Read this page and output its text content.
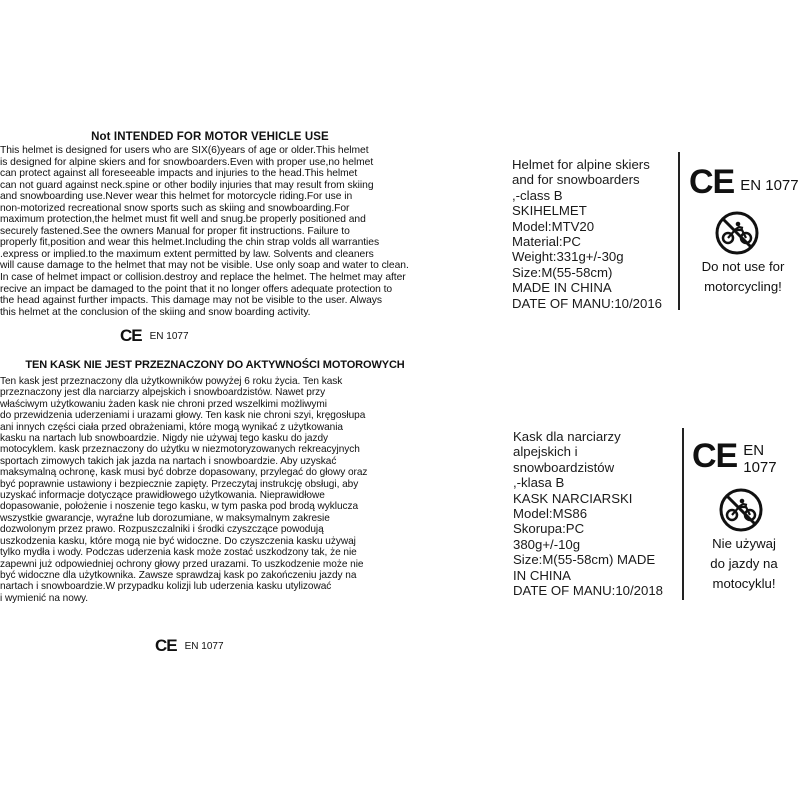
Not INTENDED FOR MOTOR VEHICLE USE
This helmet is designed for users who are SIX(6)years of age or older.This helmet
is designed for alpine skiers and for snowboarders.Even with proper use,no helmet
can protect against all foreseeable impacts and injuries to the head.This helmet
can not guard against neck.spine or other bodily injuries that may result from skiing
and snowboarding use.Never wear this helmet for motorcycle riding.For use in
non-motorized recreational snow sports such as skiing and snowboarding.For
maximum protection,the helmet must fit well and snug.be properly positioned and
securely fastened.See the owners Manual for proper fit instructions. Failure to
properly fit,position and wear this helmet.Including the chin strap volds all warranties
.express or implied.to the maximum extent permitted by law. Solvents and cleaners
will cause damage to the helmet that may not be visible. Use only soap and water to clean.
In case of helmet impact or collision.destroy and replace the helmet. The helmet may after
recive an impact be damaged to the point that it no longer offers adequate protection to
the head against further impacts. This damage may not be visible to the user. Always
this helmet at the conclusion of the skiing and snow boarding activity.
CE EN 1077
TEN KASK NIE JEST PRZEZNACZONY DO AKTYWNOŚCI MOTOROWYCH
Ten kask jest przeznaczony dla użytkowników powyżej 6 roku życia. Ten kask
przeznaczony jest dla narciarzy alpejskich i snowboardzistów. Nawet przy
właściwym użytkowaniu żaden kask nie chroni przed wszelkimi możliwymi
do przewidzenia uderzeniami i urazami głowy. Ten kask nie chroni szyi, kręgosłupa
ani innych części ciała przed obrażeniami, które mogą wynikać z użytkowania
kasku na nartach lub snowboardzie. Nigdy nie używaj tego kasku do jazdy
motocyklem. kask przeznaczony do użytku w niezmotoryzowanych rekreacyjnych
sportach zimowych takich jak jazda na nartach i snowboardzie. Aby uzyskać
maksymalną ochronę, kask musi być dobrze dopasowany, przylegać do głowy oraz
być poprawnie ustawiony i bezpiecznie zapięty. Przeczytaj instrukcję obsługi, aby
uzyskać informacje dotyczące prawidłowego użytkowania. Nieprawidłowe
dopasowanie, położenie i noszenie tego kasku, w tym paska pod brodą wyklucza
wszystkie gwarancje, wyraźne lub dorozumiane, w maksymalnym zakresie
dozwolonym przez prawo. Rozpuszczalniki i środki czyszczące powodują
uszkodzenia kasku, które mogą nie być widoczne. Do czyszczenia kasku używaj
tylko mydła i wody. Podczas uderzenia kask może zostać uszkodzony tak, że nie
zapewni już odpowiedniej ochrony głowy przed urazami. To uszkodzenie może nie
być widoczne dla użytkownika. Zawsze sprawdzaj kask po zakończeniu jazdy na
nartach i snowboardzie.W przypadku kolizji lub uderzenia kasku utylizować
i wymienić na nowy.
CE EN 1077
Helmet for alpine skiers
and for snowboarders
,-class B
SKIHELMET
Model:MTV20
Material:PC
Weight:331g+/-30g
Size:M(55-58cm)
MADE IN CHINA
DATE OF MANU:10/2016
CE EN 1077
Do not use for
motorcycling!
Kask dla narciarzy
alpejskich i
snowboardzistów
,-klasa B
KASK NARCIARSKI
Model:MS86
Skorupa:PC
380g+/-10g
Size:M(55-58cm) MADE
IN CHINA
DATE OF MANU:10/2018
CE EN 1077
Nie używaj
do jazdy na
motocyklu!
